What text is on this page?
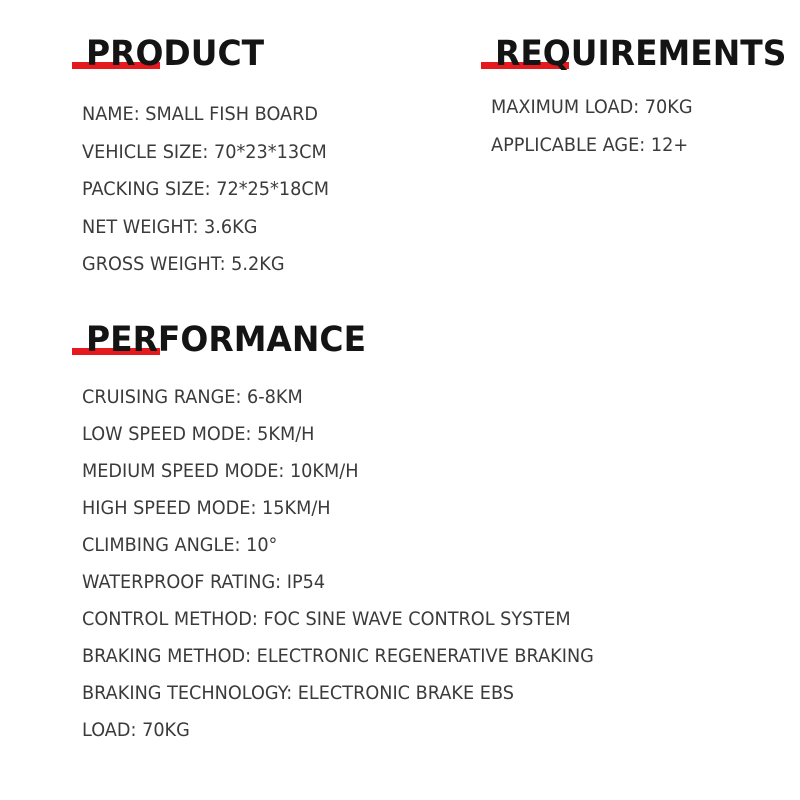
PRODUCT
NAME: SMALL FISH BOARD
VEHICLE SIZE: 70*23*13CM
PACKING SIZE: 72*25*18CM
NET WEIGHT: 3.6KG
GROSS WEIGHT: 5.2KG
REQUIREMENTS
MAXIMUM LOAD: 70KG
APPLICABLE AGE: 12+
PERFORMANCE
CRUISING RANGE: 6-8KM
LOW SPEED MODE: 5KM/H
MEDIUM SPEED MODE: 10KM/H
HIGH SPEED MODE: 15KM/H
CLIMBING ANGLE: 10°
WATERPROOF RATING: IP54
CONTROL METHOD: FOC SINE WAVE CONTROL SYSTEM
BRAKING METHOD: ELECTRONIC REGENERATIVE BRAKING
BRAKING TECHNOLOGY: ELECTRONIC BRAKE EBS
LOAD: 70KG
